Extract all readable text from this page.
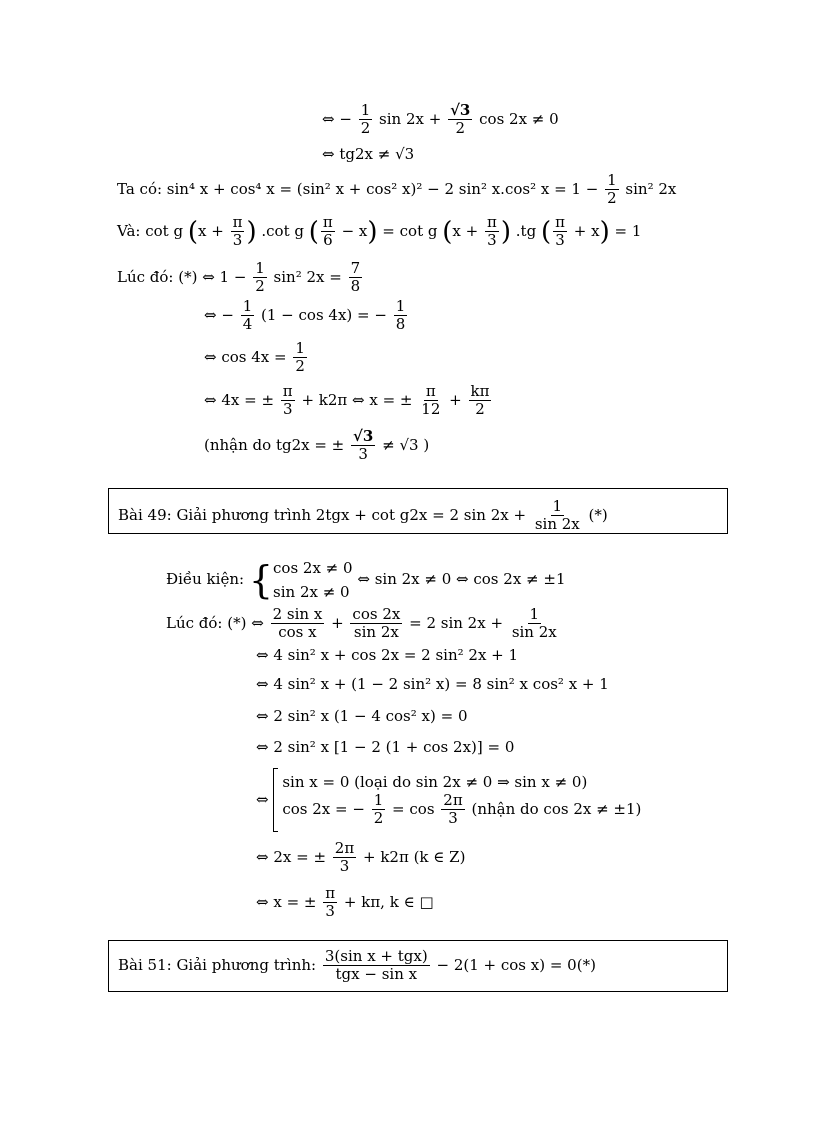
⇔ − $\frac{1}{2}$ $\sin 2x + \frac{√3}{2}$ cos 2x ≠ 0
⇔ tg2x ≠ √3
Ta có: sin⁴ x + cos⁴ x = (sin² x + cos² x)² − 2 sin² x.cos² $x = 1 - \frac{1}{2} \sin^2$ 2x
Và: cot g ($x + \frac{\pi}{3}$ ) .cot g ( $\frac{\pi}{6} - x) = \cot g$ ($x + \frac{\pi}{3}$ ) .tg ( $\frac{\pi}{3} + x) = 1$
Lúc đó: (*) ⇔ $1 - \frac{1}{2} \sin^2$ $2x = \frac{7}{8}$
⇔ − $\frac{1}{4} (1 - \cos 4x)$ = − $\frac{1}{8}$
⇔ $\cos 4x = \frac{1}{2}$
⇔ 4x = ± $\frac{\pi}{3} + k2\pi$ ⇔ x = ± $\frac{\pi}{12} + \frac{k\pi}{2}$
(nhận do tg2x = ± $\frac{√3}{3} \ne √3$ )
Bài 49: Giải phương trình 2tgx + cot g2x = 2 $\sin 2x + \frac{1}{\sin 2x}$ (*)
Điều kiện: { cos 2x ≠ 0
sin 2x ≠ 0
⇔ sin 2x ≠ 0 ⇔ cos 2x ≠ ±1
Lúc đó: (*) ⇔ $\frac{\text{2 sin x}}{\text{cos x}} + \frac{\cos 2x}{\sin 2x} = 2$ $\sin 2x + \frac{1}{\sin 2x}$
⇔ 4 sin² x + cos 2x = 2 sin² 2x + 1
⇔ 4 sin² x + (1 − 2 sin² x) = 8 sin² x cos² x + 1
⇔ 2 sin² x (1 − 4 cos² x) = 0
⇔ 2 sin² x [1 − 2 (1 + cos 2x)] = 0
⇔
sin x = 0 (loại do sin 2x ≠ 0 ⇒ sin x ≠ 0)
cos 2x = − $\frac{1}{2} = \cos \frac{2\pi}{3}$ (nhận do cos 2x ≠ ±1)
⇔ 2x = ± $\frac{2\pi}{3} + k2\pi$ (k ∈ Z)
⇔ x = ± $\frac{\pi}{3} + k\pi$, k ∈ □
Bài 51: Giải phương trình: $\frac{\text{3(sin x + tgx)}}{\text{tgx − sin x}} - 2(1 + \cos x) = 0(*)$
